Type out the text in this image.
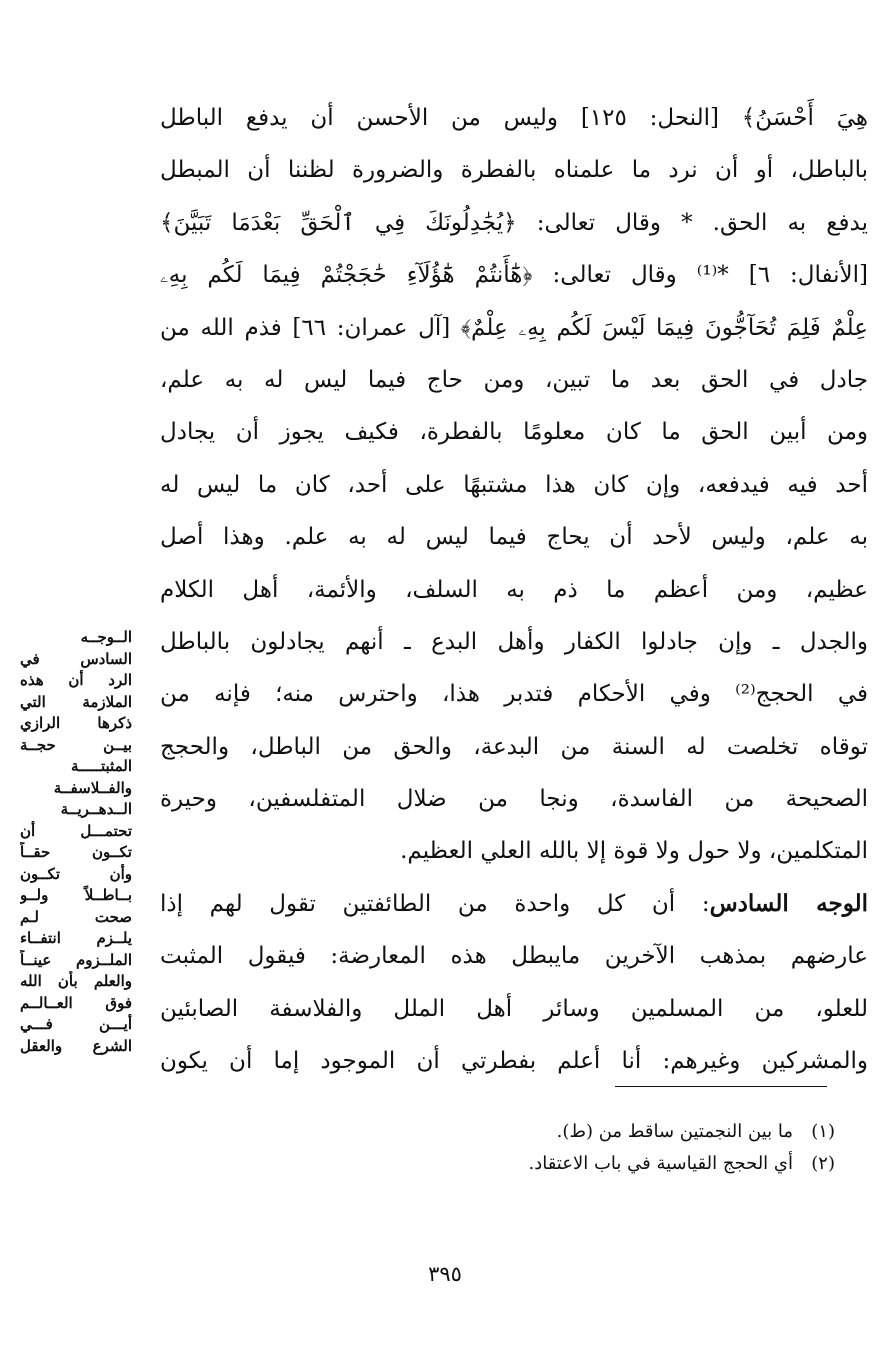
هِيَ أَحْسَنُ﴾ [النحل: ١٢٥] وليس من الأحسن أن يدفع الباطل
بالباطل، أو أن نرد ما علمناه بالفطرة والضرورة لظننا أن المبطل
يدفع به الحق. * وقال تعالى: ﴿يُجَٰدِلُونَكَ فِي ٱلْحَقِّ بَعْدَمَا تَبَيَّنَ﴾
[الأنفال: ٦] *⁽¹⁾ وقال تعالى: ﴿هَٰٓأَنتُمْ هَٰٓؤُلَآءِ حَٰجَجْتُمْ فِيمَا لَكُم بِهِۦ
عِلْمٌ فَلِمَ تُحَآجُّونَ فِيمَا لَيْسَ لَكُم بِهِۦ عِلْمٌ﴾ [آل عمران: ٦٦] فذم الله من
جادل في الحق بعد ما تبين، ومن حاج فيما ليس له به علم،
ومن أبين الحق ما كان معلومًا بالفطرة، فكيف يجوز أن يجادل
أحد فيه فيدفعه، وإن كان هذا مشتبهًا على أحد، كان ما ليس له
به علم، وليس لأحد أن يحاج فيما ليس له به علم. وهذا أصل
عظيم، ومن أعظم ما ذم به السلف، والأئمة، أهل الكلام
والجدل ـ وإن جادلوا الكفار وأهل البدع ـ أنهم يجادلون بالباطل
في الحجج⁽²⁾ وفي الأحكام فتدبر هذا، واحترس منه؛ فإنه من
توقاه تخلصت له السنة من البدعة، والحق من الباطل، والحجج
الصحيحة من الفاسدة، ونجا من ضلال المتفلسفين، وحيرة
المتكلمين، ولا حول ولا قوة إلا بالله العلي العظيم.
الوجه السادس: أن كل واحدة من الطائفتين تقول لهم إذا
عارضهم بمذهب الآخرين مايبطل هذه المعارضة: فيقول المثبت
للعلو، من المسلمين وسائر أهل الملل والفلاسفة الصابئين
والمشركين وغيرهم: أنا أعلم بفطرتي أن الموجود إما أن يكون
الــوجــه
السادس في
الرد أن هذه
الملازمة التي
ذكرها الرازي
بيــن حجــة
المثبتـــــة
والفــلاسفــة
الــدهــريــة
تحتمـــل أن
تكــون حقــاً
وأن تكــون
بــاطــلاً ولــو
صحت لـم
يلــزم انتفــاء
الملــزوم عينــاً
والعلم بأن الله
فوق العــالــم
أيـــن فـــي
الشرع والعقل
(١)ما بين النجمتين ساقط من (ط).
(٢)أي الحجج القياسية في باب الاعتقاد.
٣٩٥
